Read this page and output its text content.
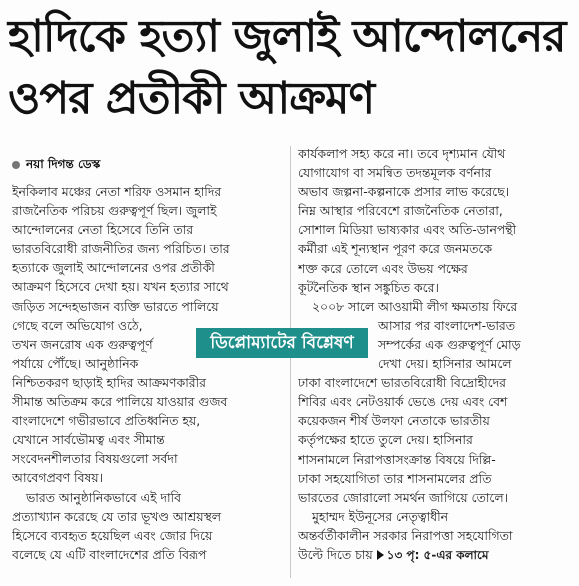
হাদিকে হত্যা জুলাই আন্দোলনের
ওপর প্রতীকী আক্রমণ
নয়া দিগন্ত ডেস্ক
ইনকিলাব মঞ্চের নেতা শরিফ ওসমান হাদির
রাজনৈতিক পরিচয় গুরুত্বপূর্ণ ছিল। জুলাই
আন্দোলনের নেতা হিসেবে তিনি তার
ভারতবিরোধী রাজনীতির জন্য পরিচিত। তার
হত্যাকে জুলাই আন্দোলনের ওপর প্রতীকী
আক্রমণ হিসেবে দেখা হয়। যখন হত্যার সাথে
জড়িত সন্দেহভাজন ব্যক্তি ভারতে পালিয়ে
গেছে বলে অভিযোগ ওঠে,
তখন জনরোষ এক গুরুত্বপূর্ণ
পর্যায়ে পৌঁছে। আনুষ্ঠানিক
নিশ্চিতকরণ ছাড়াই হাদির আক্রমণকারীর
সীমান্ত অতিক্রম করে পালিয়ে যাওয়ার গুজব
বাংলাদেশে গভীরভাবে প্রতিধ্বনিত হয়,
যেখানে সার্বভৌমত্ব এবং সীমান্ত
সংবেদনশীলতার বিষয়গুলো সর্বদা
আবেগপ্রবণ বিষয়।
ভারত আনুষ্ঠানিকভাবে এই দাবি
প্রত্যাখ্যান করেছে যে তার ভূখণ্ড আশ্রয়স্থল
হিসেবে ব্যবহৃত হয়েছিল এবং জোর দিয়ে
বলেছে যে এটি বাংলাদেশের প্রতি বিরূপ
ডিপ্লোম্যাটের বিশ্লেষণ
কার্যকলাপ সহ্য করে না। তবে দৃশ্যমান যৌথ
যোগাযোগ বা সমন্বিত তদন্তমূলক বর্ণনার
অভাব জল্পনা-কল্পনাকে প্রসার লাভ করেছে।
নিম্ন আস্থার পরিবেশে রাজনৈতিক নেতারা,
সোশাল মিডিয়া ভাষ্যকার এবং অতি-ডানপন্থী
কর্মীরা এই শূন্যস্থান পূরণ করে জনমতকে
শক্ত করে তোলে এবং উভয় পক্ষের
কূটনৈতিক স্থান সঙ্কুচিত করে।
২০০৮ সালে আওয়ামী লীগ ক্ষমতায় ফিরে
আসার পর বাংলাদেশ-ভারত
সম্পর্কের এক গুরুত্বপূর্ণ মোড়
দেখা দেয়। হাসিনার আমলে
ঢাকা বাংলাদেশে ভারতবিরোধী বিদ্রোহীদের
শিবির এবং নেটওয়ার্ক ভেঙে দেয় এবং বেশ
কয়েকজন শীর্ষ উলফা নেতাকে ভারতীয়
কর্তৃপক্ষের হাতে তুলে দেয়। হাসিনার
শাসনামলে নিরাপত্তাসংক্রান্ত বিষয়ে দিল্লি-
ঢাকা সহযোগিতা তার শাসনামলের প্রতি
ভারতের জোরালো সমর্থন জাগিয়ে তোলে।
মুহাম্মদ ইউনূসের নেতৃত্বাধীন
অন্তর্বর্তীকালীন সরকার নিরাপত্তা সহযোগিতা
উল্টে দিতে চায় ১৩ পৃ: ৫-এর কলামে
